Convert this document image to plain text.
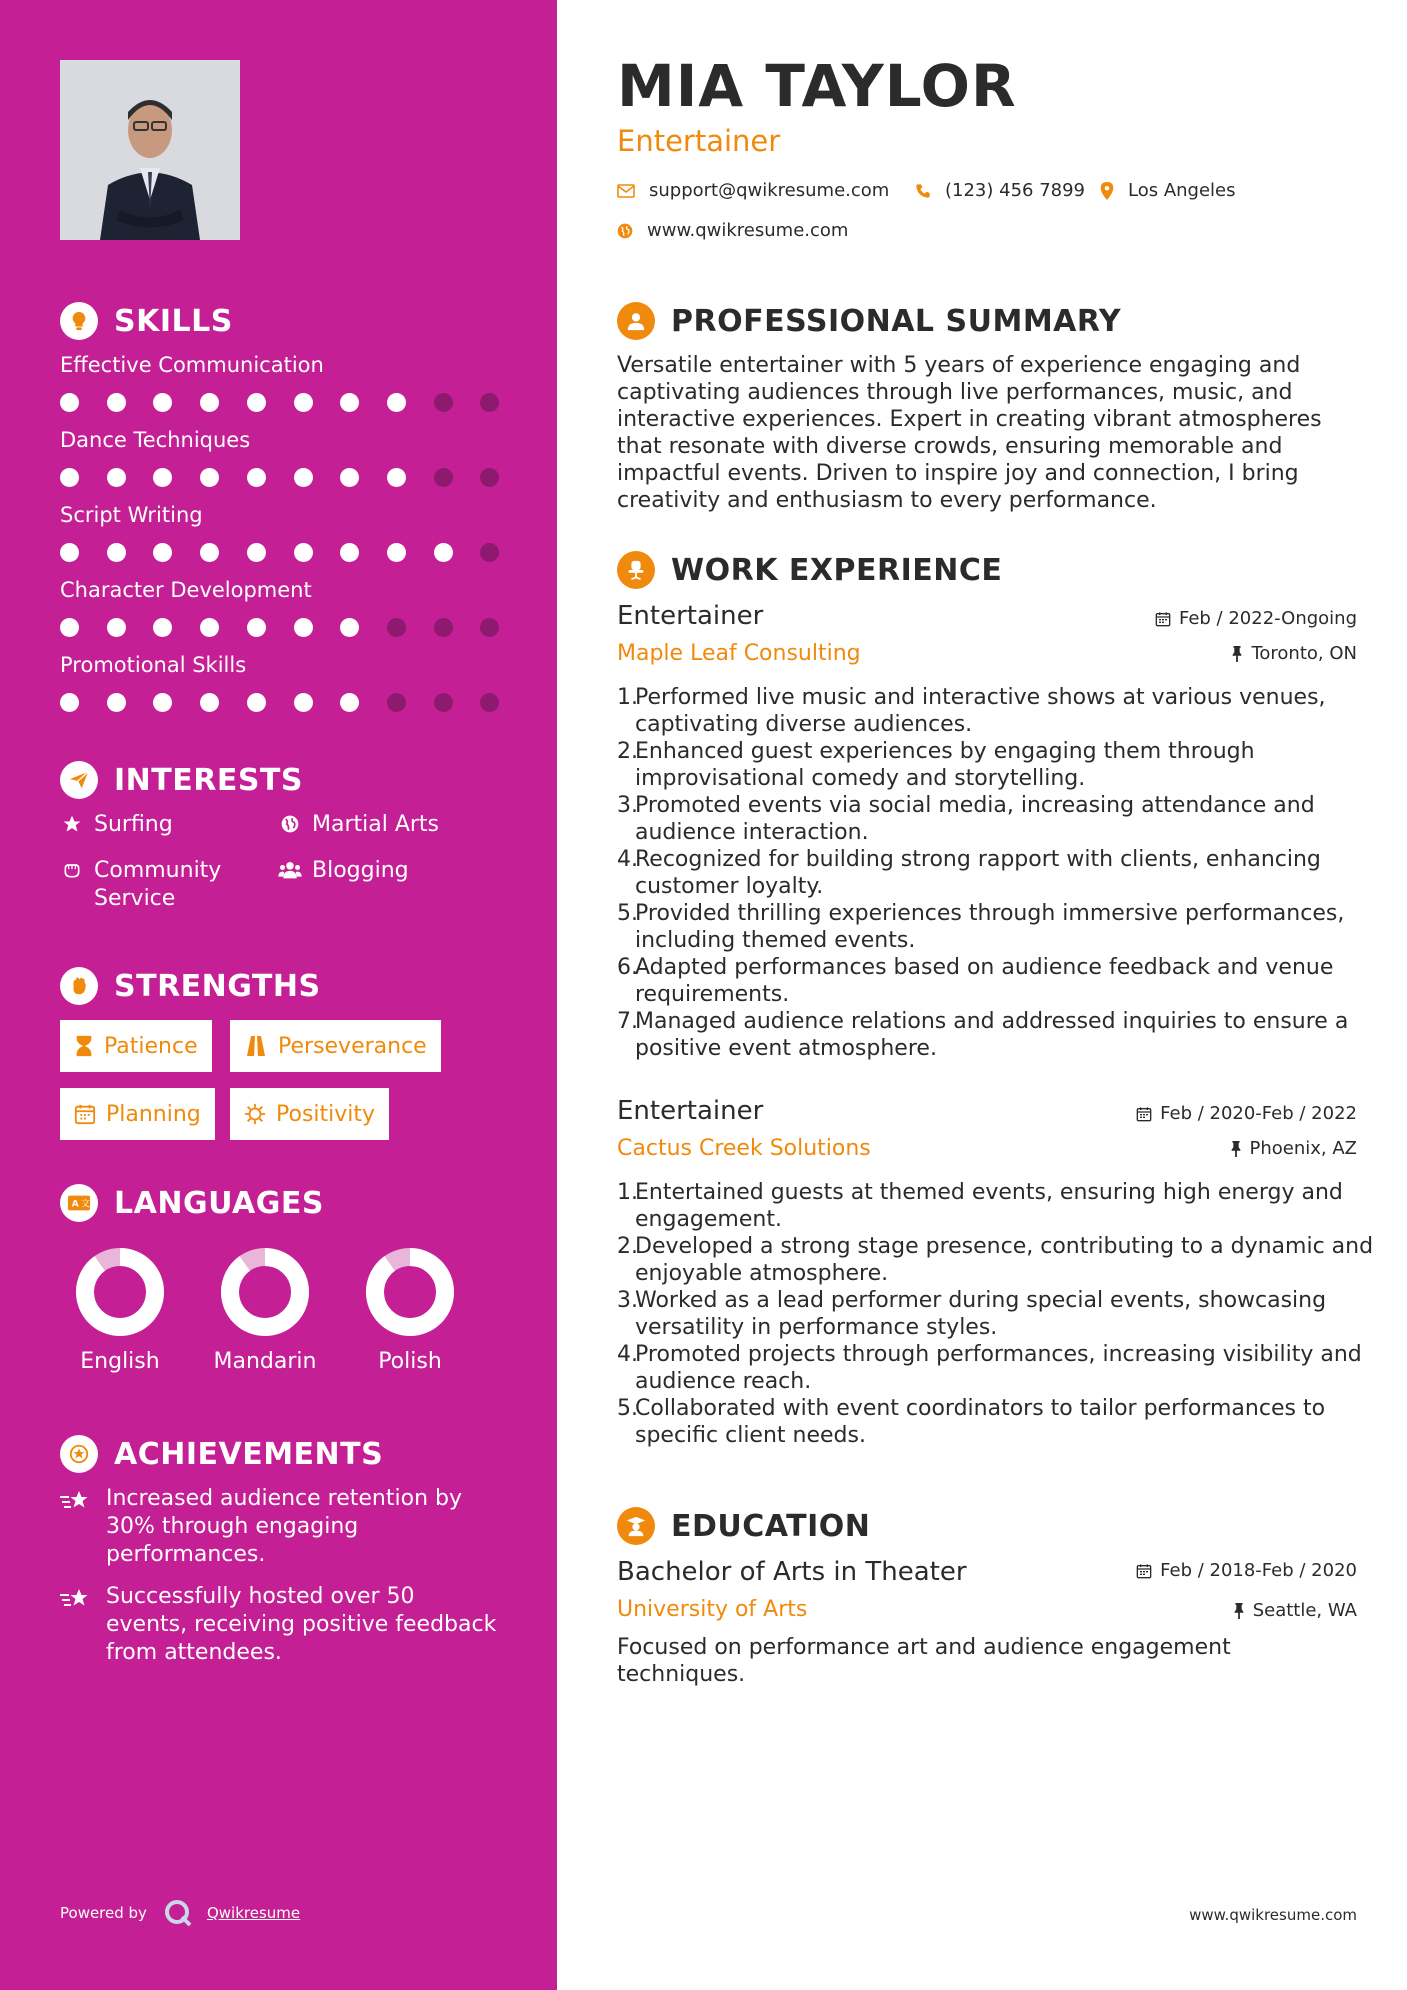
SKILLS
Effective Communication
Dance Techniques
Script Writing
Character Development
Promotional Skills
INTERESTS
Surfing	Martial Arts
Community Service
Blogging
STRENGTHS
Patience	Perseverance
Planning	Positivity
A 文 LANGUAGES
English	Mandarin	Polish
ACHIEVEMENTS
Increased audience retention by 30% through engaging performances.
Successfully hosted over 50 events, receiving positive feedback from attendees.
Powered by	Qwikresume
MIA TAYLOR
Entertainer
support@qwikresume.com	(123) 456 7899 Los Angeles
www.qwikresume.com
PROFESSIONAL SUMMARY
Versatile entertainer with 5 years of experience engaging and captivating audiences through live performances, music, and interactive experiences. Expert in creating vibrant atmospheres that resonate with diverse crowds, ensuring memorable and impactful events. Driven to inspire joy and connection, I bring creativity and enthusiasm to every performance.
WORK EXPERIENCE
Entertainer	Feb / 2022-Ongoing
Maple Leaf Consulting	Toronto, ON
1.
Performed live music and interactive shows at various venues, captivating diverse audiences.
2.
Enhanced guest experiences by engaging them through improvisational comedy and storytelling.
3.
Promoted events via social media, increasing attendance and audience interaction.
4.
Recognized for building strong rapport with clients, enhancing customer loyalty.
5.
Provided thrilling experiences through immersive performances, including themed events.
6.
Adapted performances based on audience feedback and venue requirements.
7.
Managed audience relations and addressed inquiries to ensure a positive event atmosphere.
Entertainer	Feb / 2020-Feb / 2022
Cactus Creek Solutions	Phoenix, AZ
1.
Entertained guests at themed events, ensuring high energy and engagement.
2.
Developed a strong stage presence, contributing to a dynamic and enjoyable atmosphere.
3.
Worked as a lead performer during special events, showcasing versatility in performance styles.
4.
Promoted projects through performances, increasing visibility and audience reach.
5.
Collaborated with event coordinators to tailor performances to specific client needs.
EDUCATION
Bachelor of Arts in Theater	Feb / 2018-Feb / 2020
University of Arts	Seattle, WA
Focused on performance art and audience engagement techniques.
www.qwikresume.com
